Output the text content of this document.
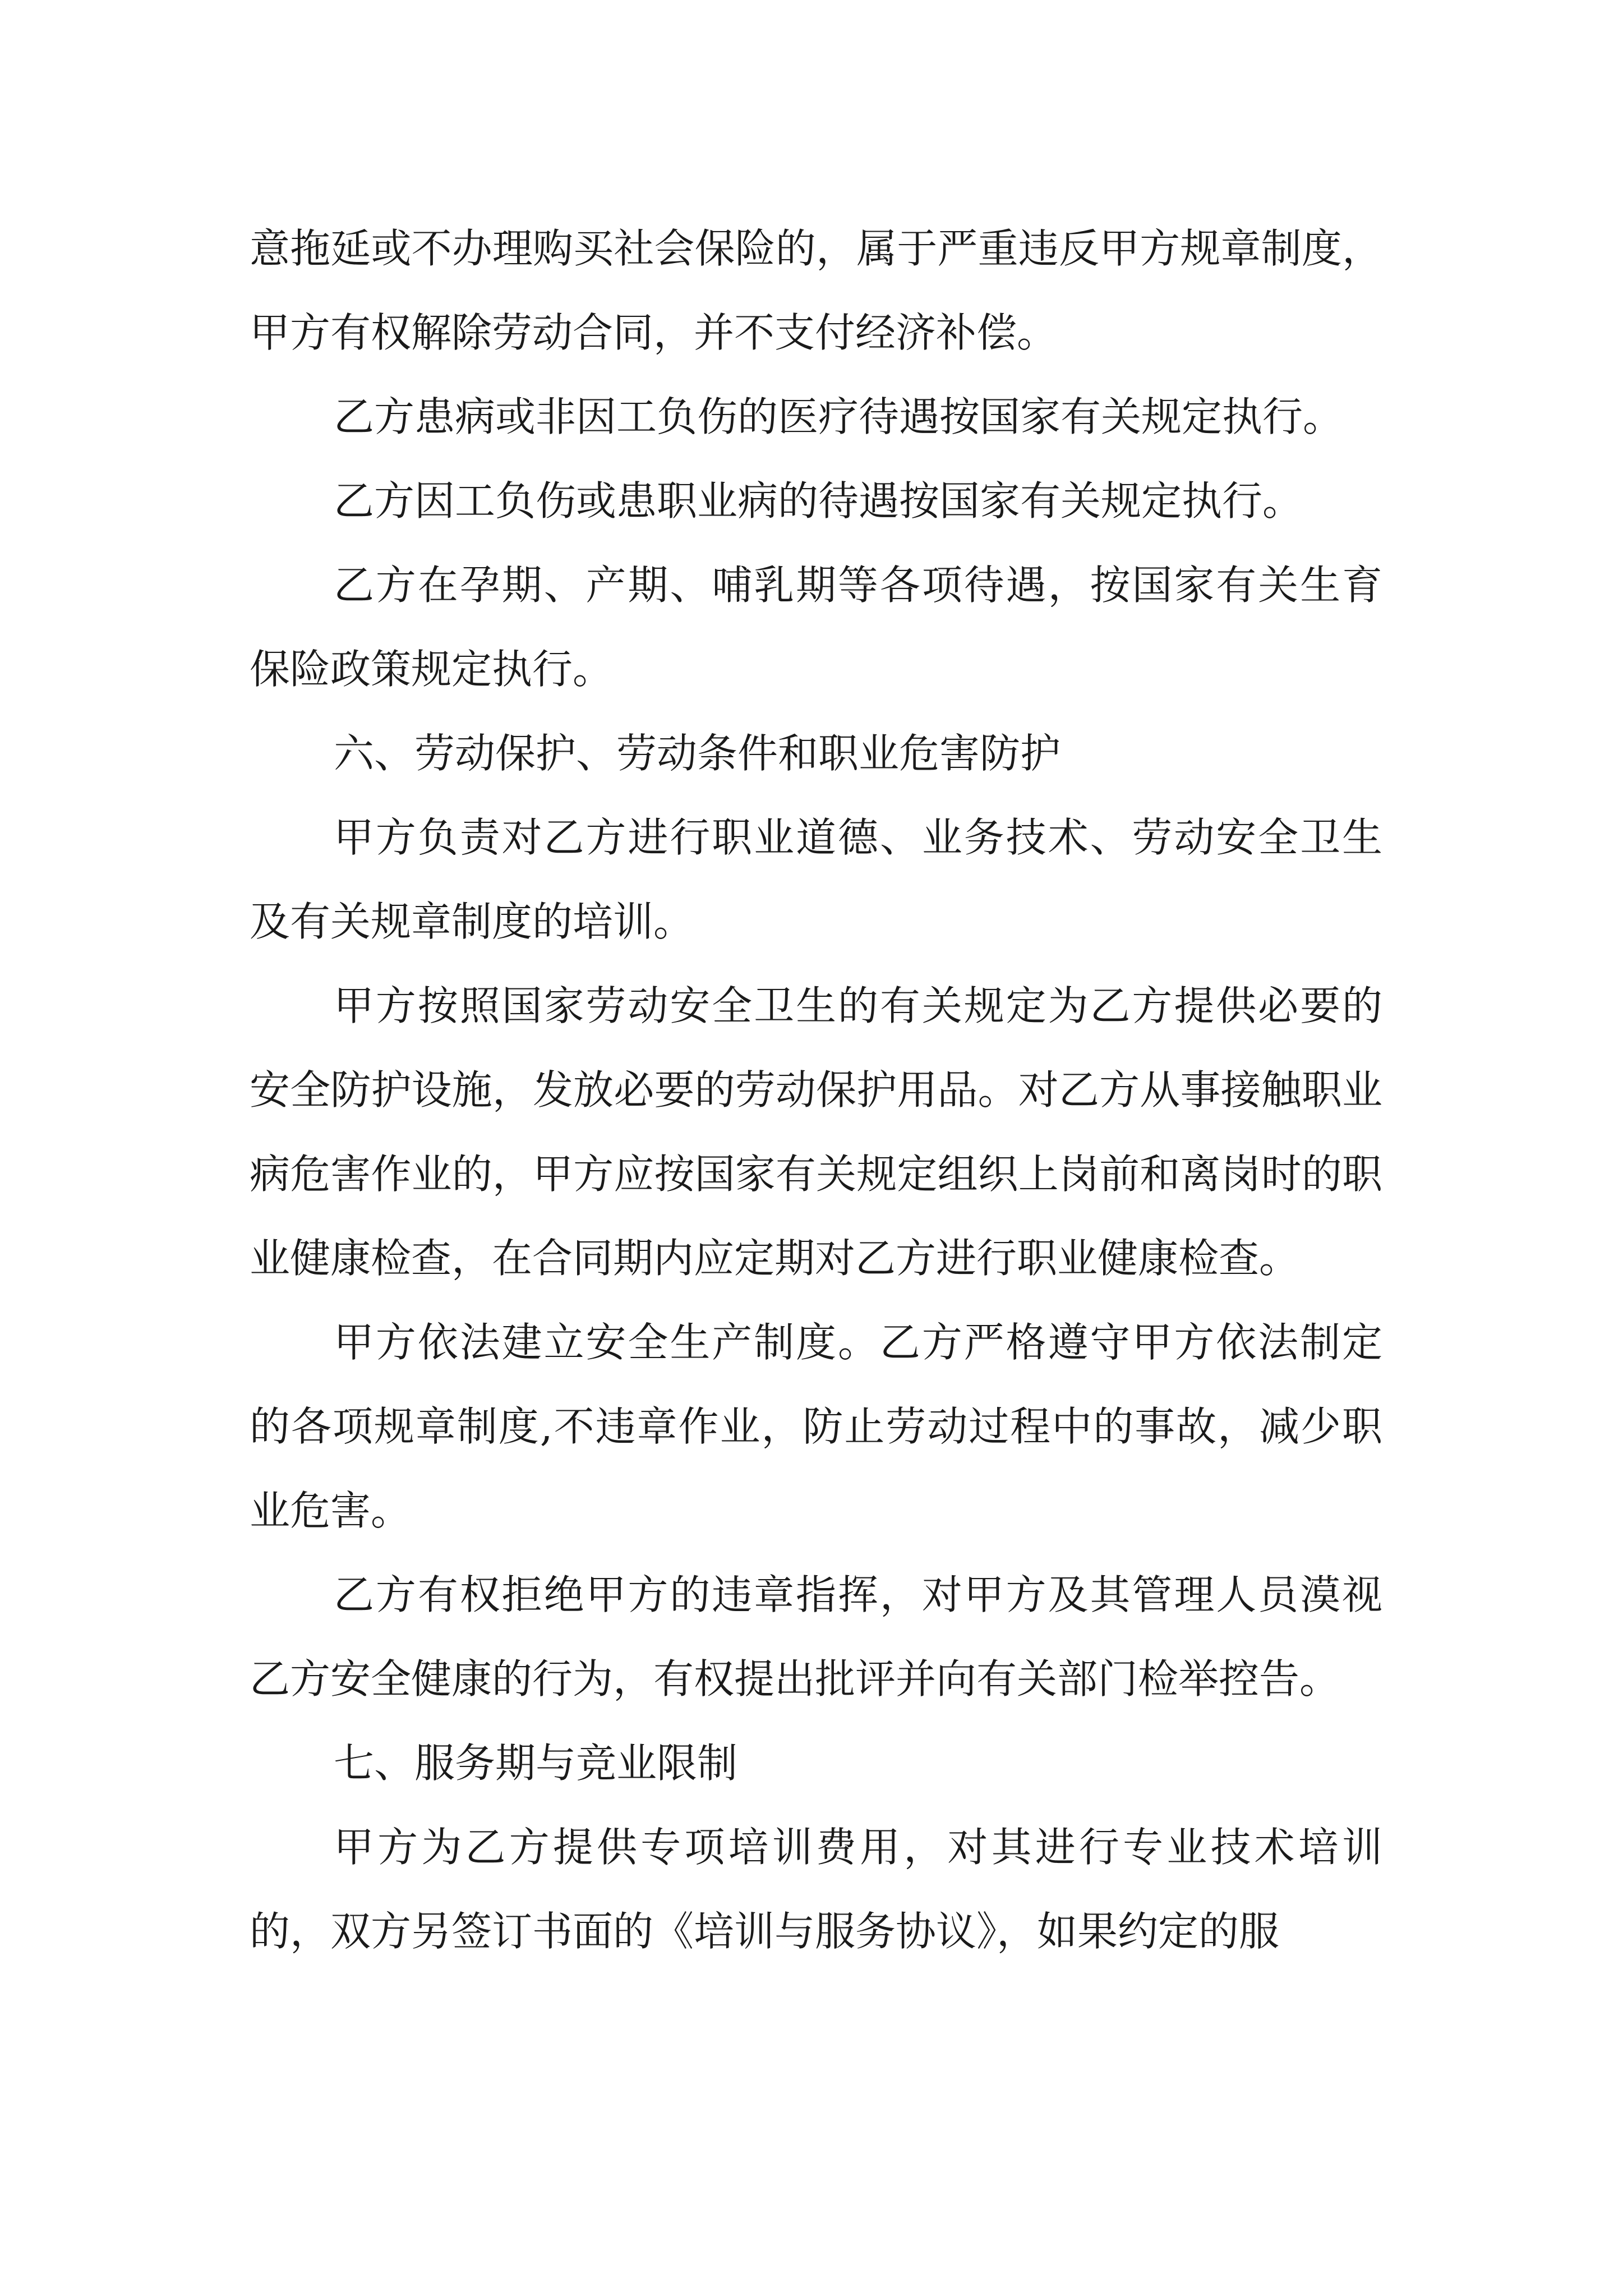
意拖延或不办理购买社会保险的，属于严重违反甲方规章制度，甲方有权解除劳动合同，并不支付经济补偿。

乙方患病或非因工负伤的医疗待遇按国家有关规定执行。

乙方因工负伤或患职业病的待遇按国家有关规定执行。

乙方在孕期、产期、哺乳期等各项待遇，按国家有关生育保险政策规定执行。

六、劳动保护、劳动条件和职业危害防护

甲方负责对乙方进行职业道德、业务技术、劳动安全卫生及有关规章制度的培训。

甲方按照国家劳动安全卫生的有关规定为乙方提供必要的安全防护设施，发放必要的劳动保护用品。对乙方从事接触职业病危害作业的，甲方应按国家有关规定组织上岗前和离岗时的职业健康检查，在合同期内应定期对乙方进行职业健康检查。

甲方依法建立安全生产制度。乙方严格遵守甲方依法制定的各项规章制度,不违章作业，防止劳动过程中的事故，减少职业危害。

乙方有权拒绝甲方的违章指挥，对甲方及其管理人员漠视乙方安全健康的行为，有权提出批评并向有关部门检举控告。

七、服务期与竞业限制

甲方为乙方提供专项培训费用，对其进行专业技术培训的，双方另签订书面的《培训与服务协议》，如果约定的服
